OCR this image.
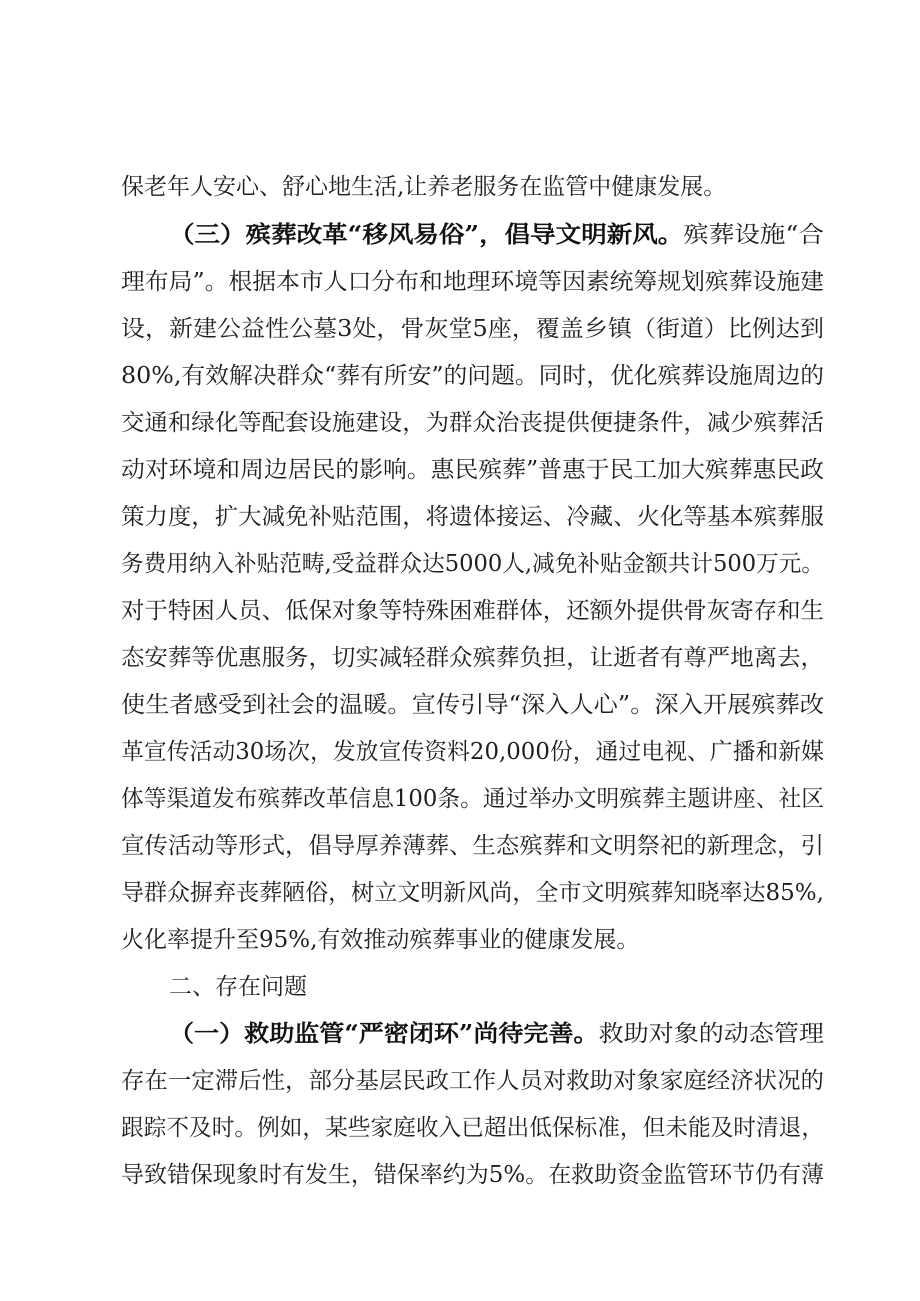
保老年人安心、舒心地生活,让养老服务在监管中健康发展。
（三）殡葬改革“移风易俗”，倡导文明新风。殡葬设施“合
理布局”。根据本市人口分布和地理环境等因素统筹规划殡葬设施建
设，新建公益性公墓3处，骨灰堂5座，覆盖乡镇（街道）比例达到
80%,有效解决群众“葬有所安”的问题。同时，优化殡葬设施周边的
交通和绿化等配套设施建设，为群众治丧提供便捷条件，减少殡葬活
动对环境和周边居民的影响。惠民殡葬”普惠于民工加大殡葬惠民政
策力度，扩大减免补贴范围，将遗体接运、冷藏、火化等基本殡葬服
务费用纳入补贴范畴,受益群众达5000人,减免补贴金额共计500万元。
对于特困人员、低保对象等特殊困难群体，还额外提供骨灰寄存和生
态安葬等优惠服务，切实减轻群众殡葬负担，让逝者有尊严地离去，
使生者感受到社会的温暖。宣传引导“深入人心”。深入开展殡葬改
革宣传活动30场次，发放宣传资料20,000份，通过电视、广播和新媒
体等渠道发布殡葬改革信息100条。通过举办文明殡葬主题讲座、社区
宣传活动等形式，倡导厚养薄葬、生态殡葬和文明祭祀的新理念，引
导群众摒弃丧葬陋俗，树立文明新风尚，全市文明殡葬知晓率达85%,
火化率提升至95%,有效推动殡葬事业的健康发展。
二、存在问题
（一）救助监管“严密闭环”尚待完善。救助对象的动态管理
存在一定滞后性，部分基层民政工作人员对救助对象家庭经济状况的
跟踪不及时。例如，某些家庭收入已超出低保标准，但未能及时清退，
导致错保现象时有发生，错保率约为5%。在救助资金监管环节仍有薄
